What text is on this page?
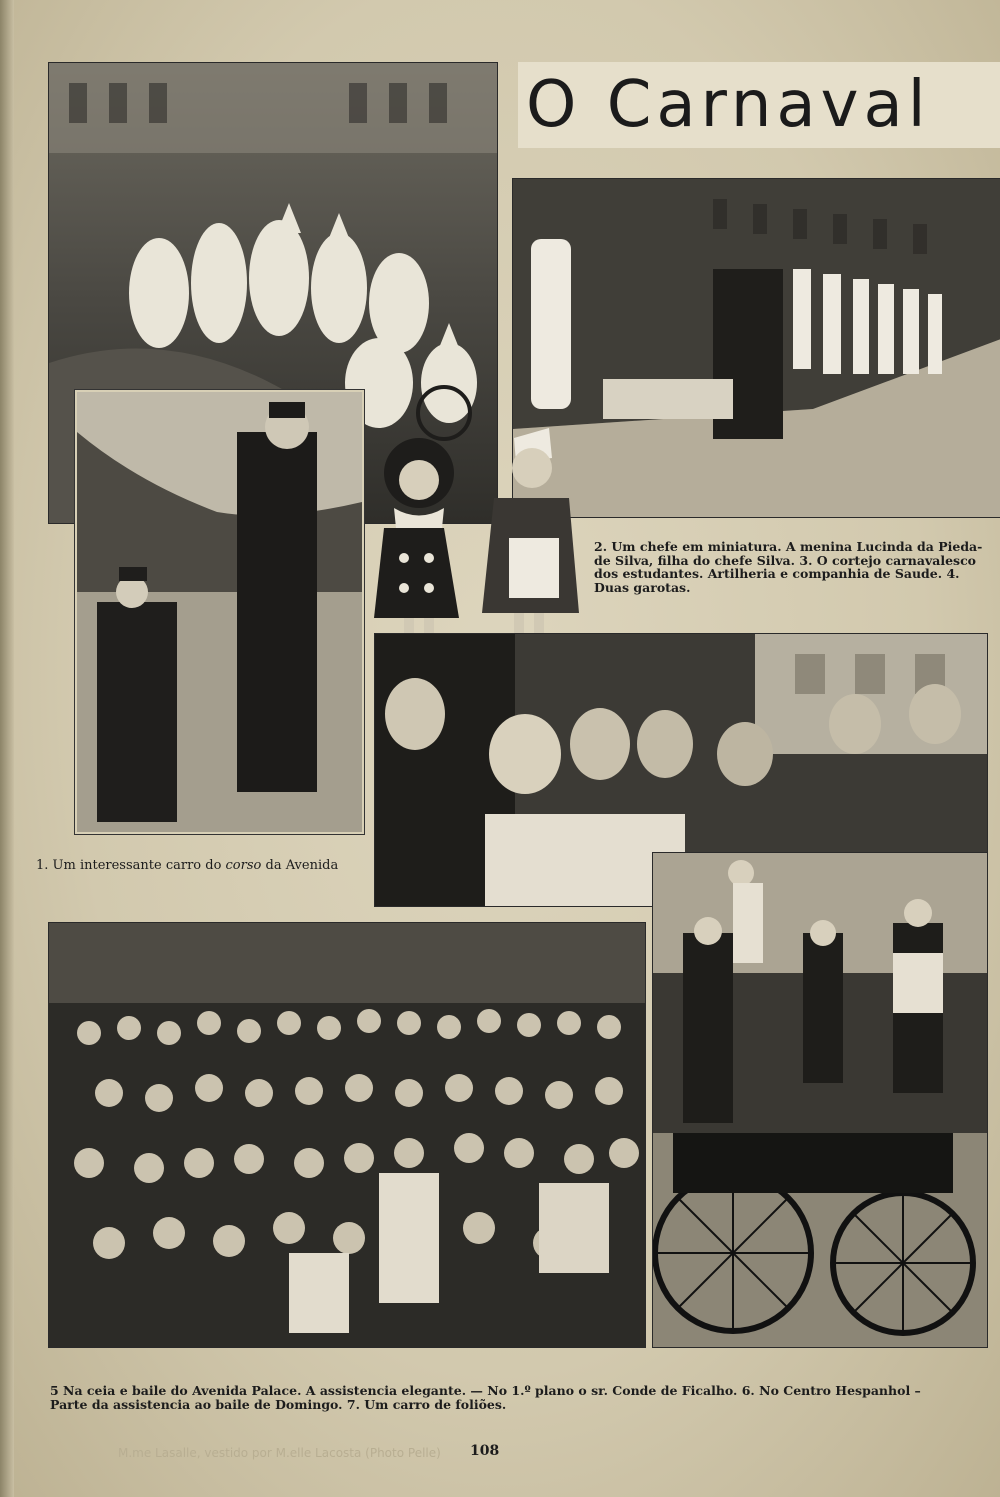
O Carnaval
2. Um chefe em miniatura. A menina Lucinda da Pieda- de Silva, filha do chefe Silva. 3. O cortejo carnavalesco dos estudantes. Artilheria e companhia de Saude. 4. Duas garotas.
1. Um interessante carro do corso da Avenida
5 Na ceia e baile do Avenida Palace. A assistencia elegante. — No 1.º plano o sr. Conde de Ficalho. 6. No Centro Hespanhol – Parte da assistencia ao baile de Domingo. 7. Um carro de foliões.
M.me Lasalle, vestido por M.elle Lacosta (Photo Pelle) 108
